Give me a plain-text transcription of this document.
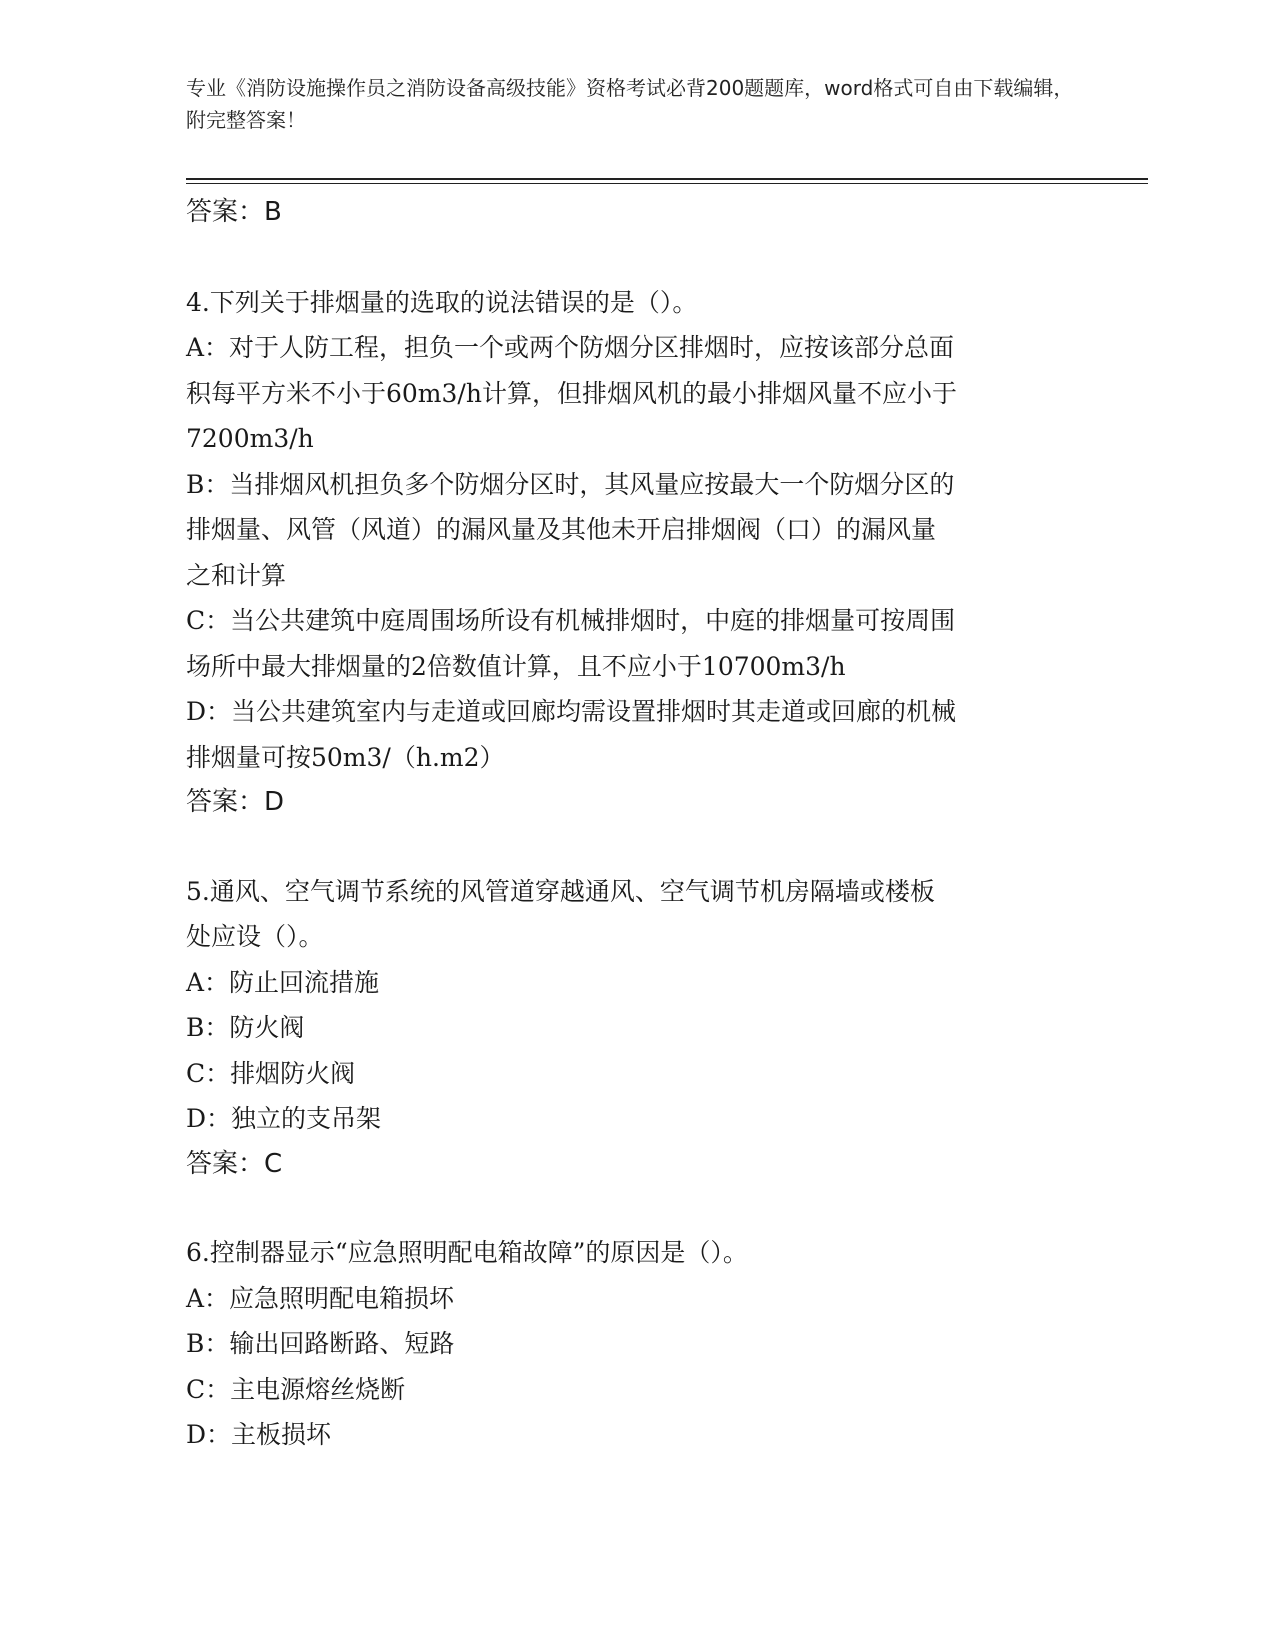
专业《消防设施操作员之消防设备高级技能》资格考试必背200题题库，word格式可自由下载编辑，附完整答案！

答案：B

4.下列关于排烟量的选取的说法错误的是（）。

A：对于人防工程，担负一个或两个防烟分区排烟时，应按该部分总面

积每平方米不小于60m3/h计算，但排烟风机的最小排烟风量不应小于

7200m3/h

B：当排烟风机担负多个防烟分区时，其风量应按最大一个防烟分区的

排烟量、风管（风道）的漏风量及其他未开启排烟阀（口）的漏风量

之和计算

C：当公共建筑中庭周围场所设有机械排烟时，中庭的排烟量可按周围

场所中最大排烟量的2倍数值计算，且不应小于10700m3/h

D：当公共建筑室内与走道或回廊均需设置排烟时其走道或回廊的机械

排烟量可按50m3/（h.m2）

答案：D

5.通风、空气调节系统的风管道穿越通风、空气调节机房隔墙或楼板

处应设（）。

A：防止回流措施

B：防火阀

C：排烟防火阀

D：独立的支吊架

答案：C

6.控制器显示“应急照明配电箱故障”的原因是（）。

A：应急照明配电箱损坏

B：输出回路断路、短路

C：主电源熔丝烧断

D：主板损坏
